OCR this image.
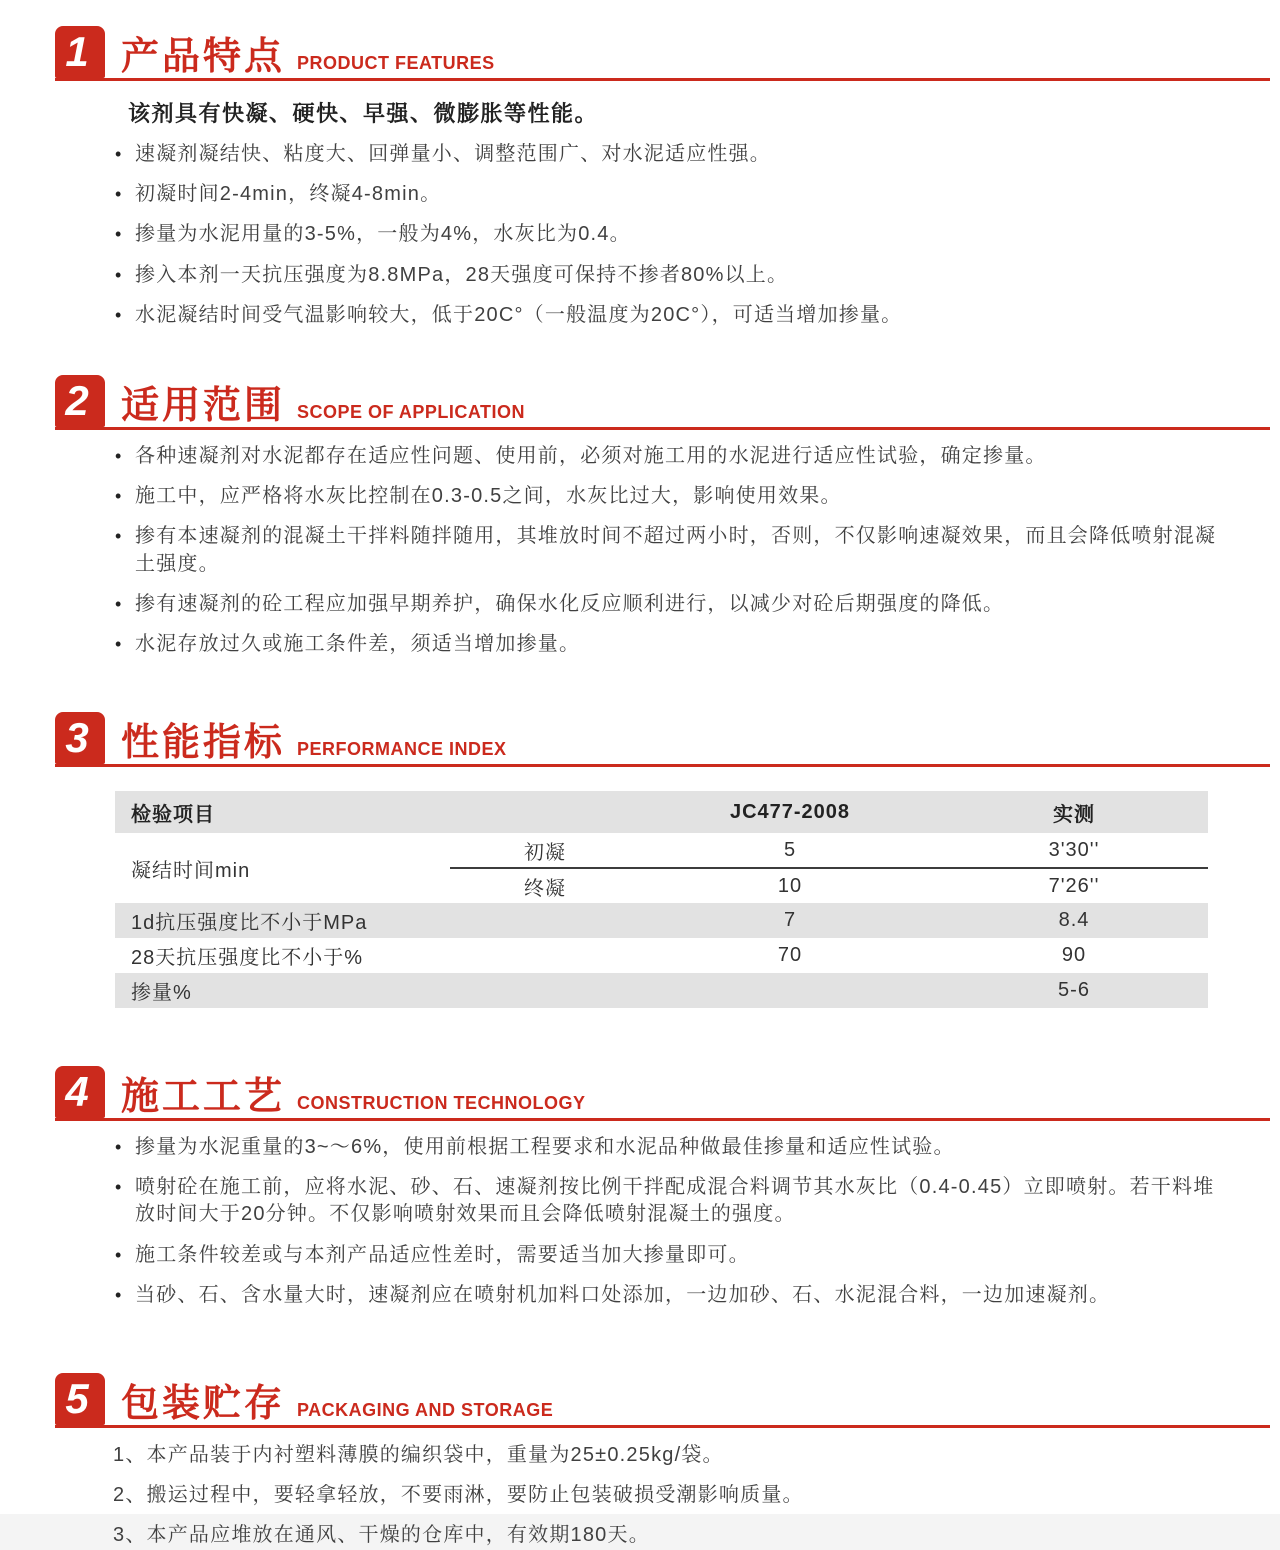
1 产品特点 PRODUCT FEATURES

该剂具有快凝、硬快、早强、微膨胀等性能。

• 速凝剂凝结快、粘度大、回弹量小、调整范围广、对水泥适应性强。
• 初凝时间2-4min，终凝4-8min。
• 掺量为水泥用量的3-5%，一般为4%，水灰比为0.4。
• 掺入本剂一天抗压强度为8.8MPa，28天强度可保持不掺者80%以上。
• 水泥凝结时间受气温影响较大，低于20C°（一般温度为20C°），可适当增加掺量。
2 适用范围 SCOPE OF APPLICATION
• 各种速凝剂对水泥都存在适应性问题、使用前，必须对施工用的水泥进行适应性试验，确定掺量。
• 施工中，应严格将水灰比控制在0.3-0.5之间，水灰比过大，影响使用效果。
• 掺有本速凝剂的混凝土干拌料随拌随用，其堆放时间不超过两小时，否则，不仅影响速凝效果，而且会降低喷射混凝土强度。
• 掺有速凝剂的砼工程应加强早期养护，确保水化反应顺利进行，以减少对砼后期强度的降低。
• 水泥存放过久或施工条件差，须适当增加掺量。
3 性能指标 PERFORMANCE INDEX
检验项目		JC477-2008	实测
凝结时间min	初凝	5	3'30''
	终凝	10	7'26''
1d抗压强度比不小于MPa		7	8.4
28天抗压强度比不小于%		70	90
掺量%			5-6
4 施工工艺 CONSTRUCTION TECHNOLOGY
• 掺量为水泥重量的3~～6%，使用前根据工程要求和水泥品种做最佳掺量和适应性试验。
• 喷射砼在施工前，应将水泥、砂、石、速凝剂按比例干拌配成混合料调节其水灰比（0.4-0.45）立即喷射。若干料堆放时间大于20分钟。不仅影响喷射效果而且会降低喷射混凝土的强度。
• 施工条件较差或与本剂产品适应性差时，需要适当加大掺量即可。
• 当砂、石、含水量大时，速凝剂应在喷射机加料口处添加，一边加砂、石、水泥混合料，一边加速凝剂。
5 包装贮存 PACKAGING AND STORAGE
1、本产品装于内衬塑料薄膜的编织袋中，重量为25±0.25kg/袋。
2、搬运过程中，要轻拿轻放，不要雨淋，要防止包装破损受潮影响质量。
3、本产品应堆放在通风、干燥的仓库中，有效期180天。
